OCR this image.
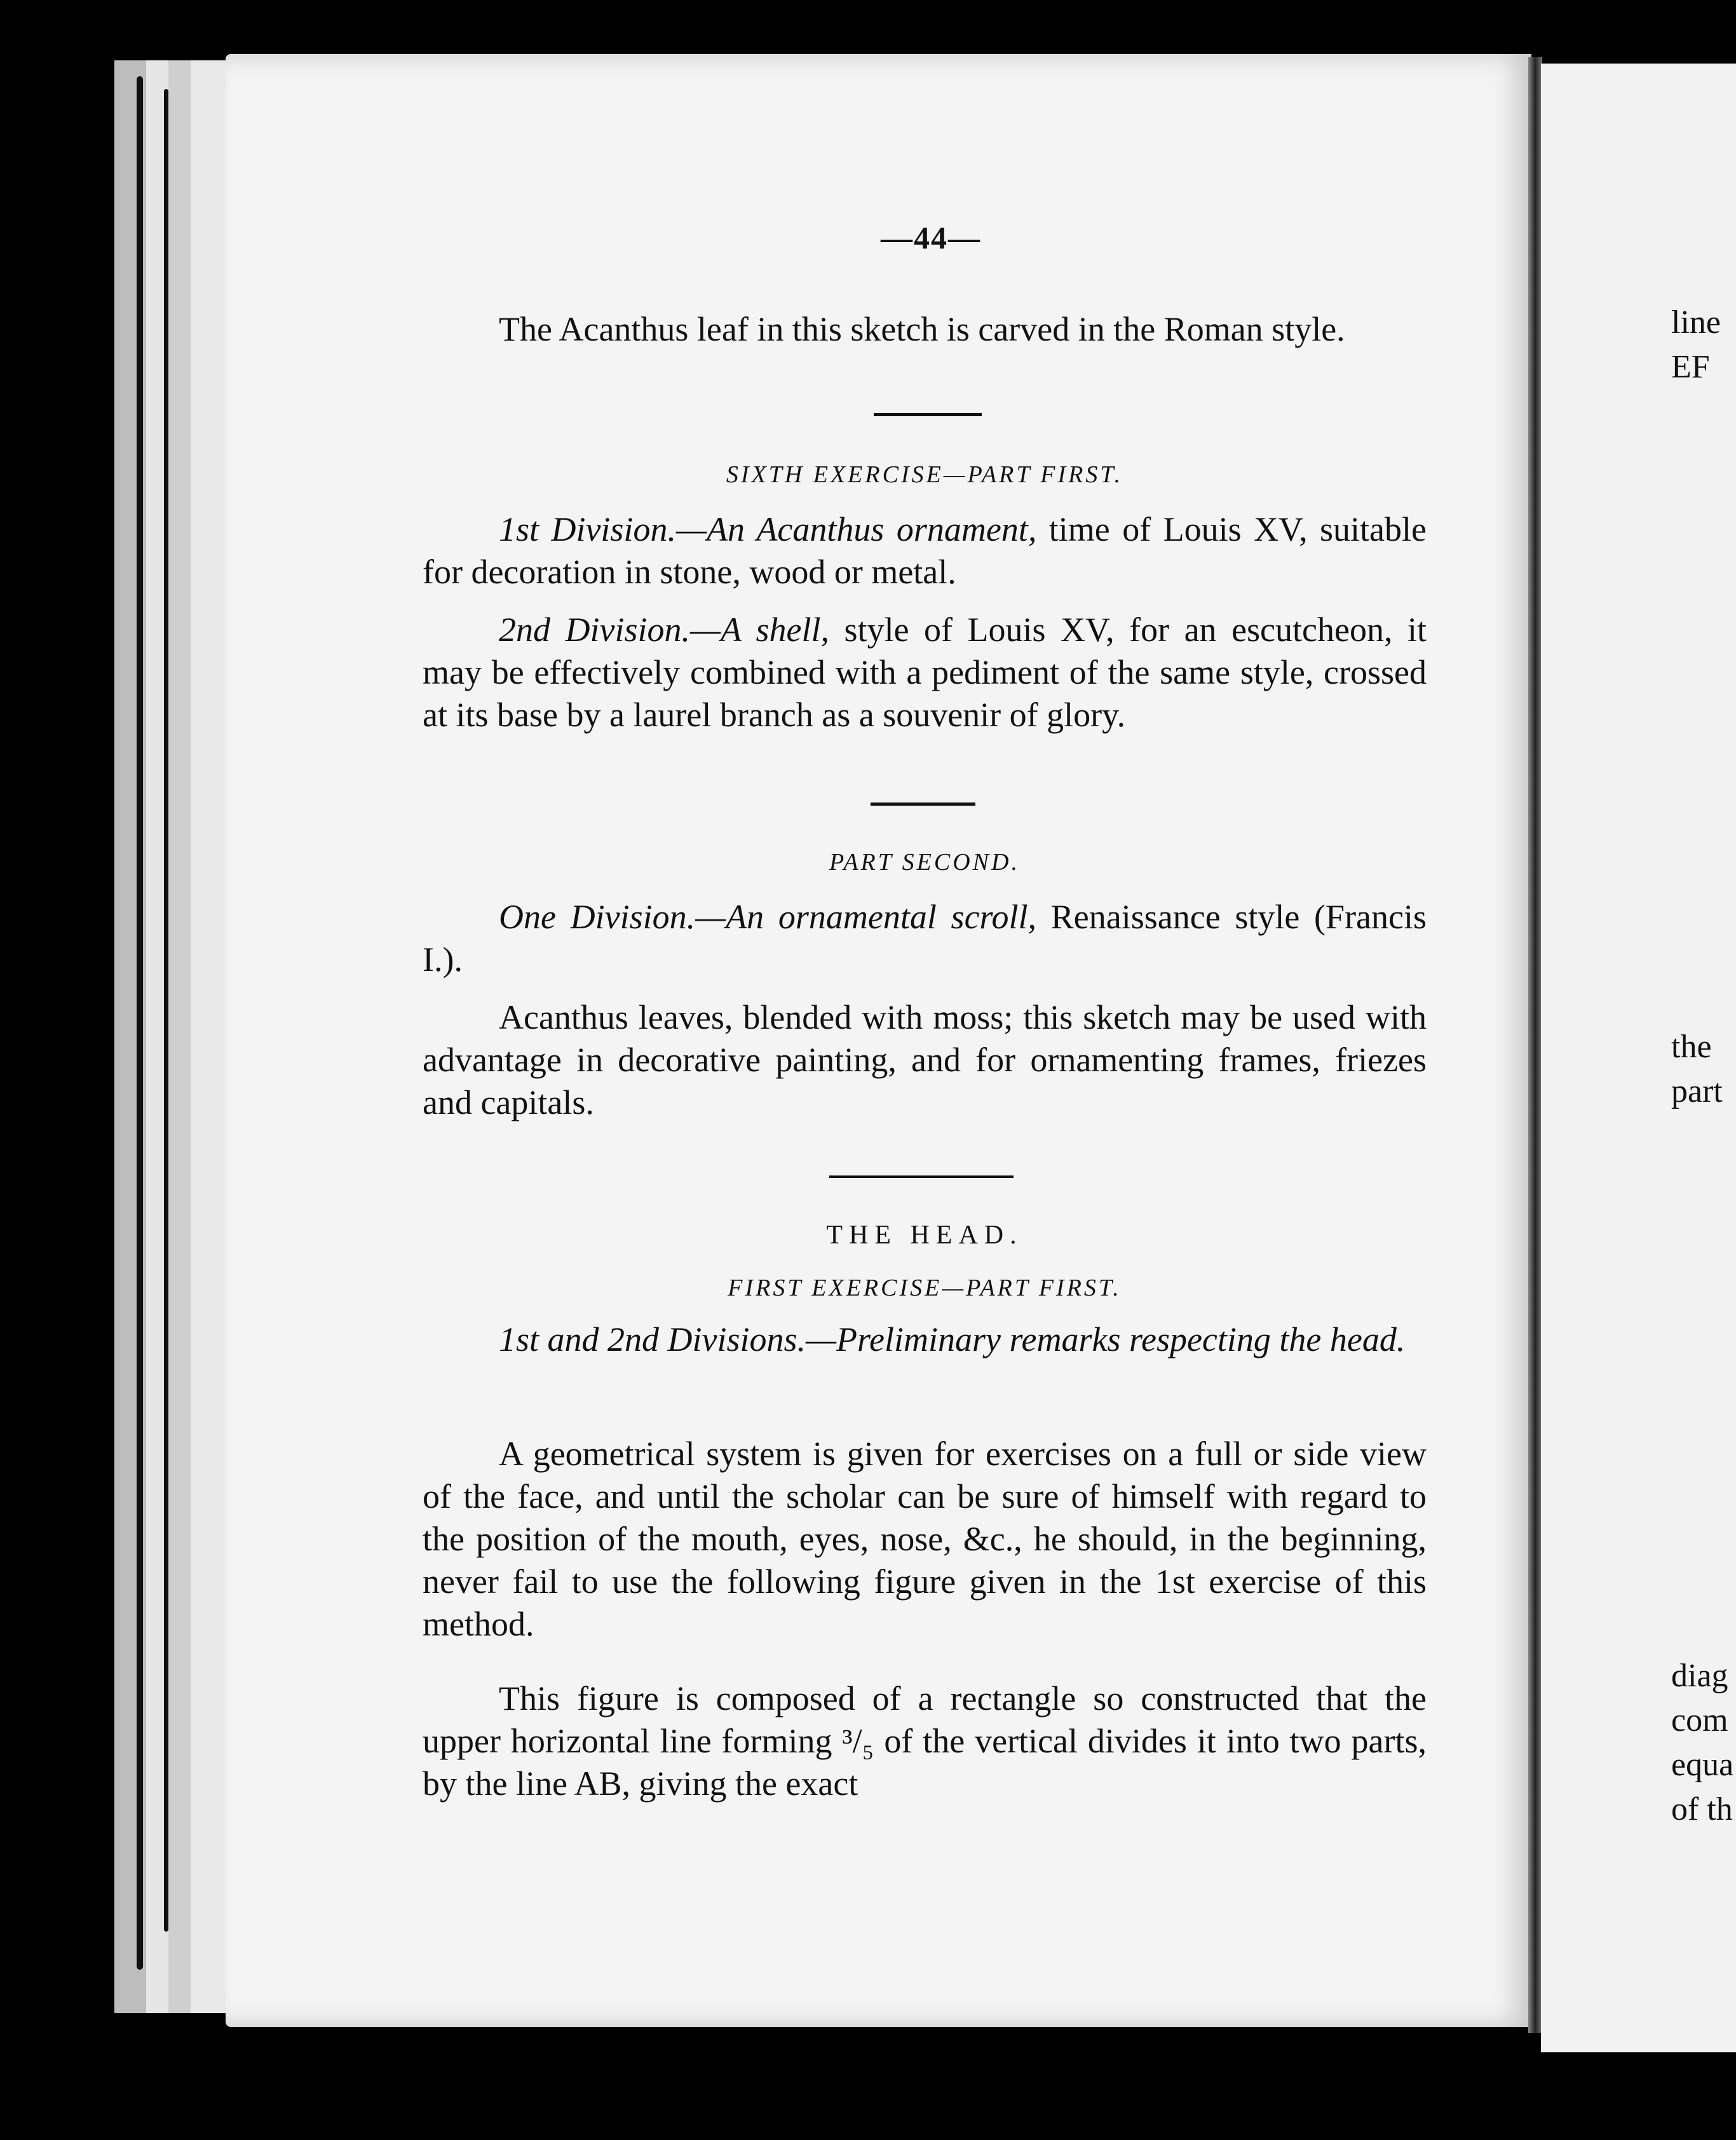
—44—

The Acanthus leaf in this sketch is carved in the Roman style.

SIXTH EXERCISE—PART FIRST.

1st Division.—An Acanthus ornament, time of Louis XV, suitable for decoration in stone, wood or metal.

2nd Division.—A shell, style of Louis XV, for an escutcheon, it may be effectively combined with a pediment of the same style, crossed at its base by a laurel branch as a souvenir of glory.

PART SECOND.

One Division.—An ornamental scroll, Renaissance style (Francis I.).

Acanthus leaves, blended with moss; this sketch may be used with advantage in decorative painting, and for ornamenting frames, friezes and capitals.

THE HEAD.
FIRST EXERCISE—PART FIRST.

1st and 2nd Divisions.—Preliminary remarks respecting the head.

A geometrical system is given for exercises on a full or side view of the face, and until the scholar can be sure of himself with regard to the position of the mouth, eyes, nose, &c., he should, in the beginning, never fail to use the following figure given in the 1st exercise of this method.

This figure is composed of a rectangle so constructed that the upper horizontal line forming ³/₅ of the vertical divides it into two parts, by the line AB, giving the exact

line
EF
the
part
diag
com
equa
of th
